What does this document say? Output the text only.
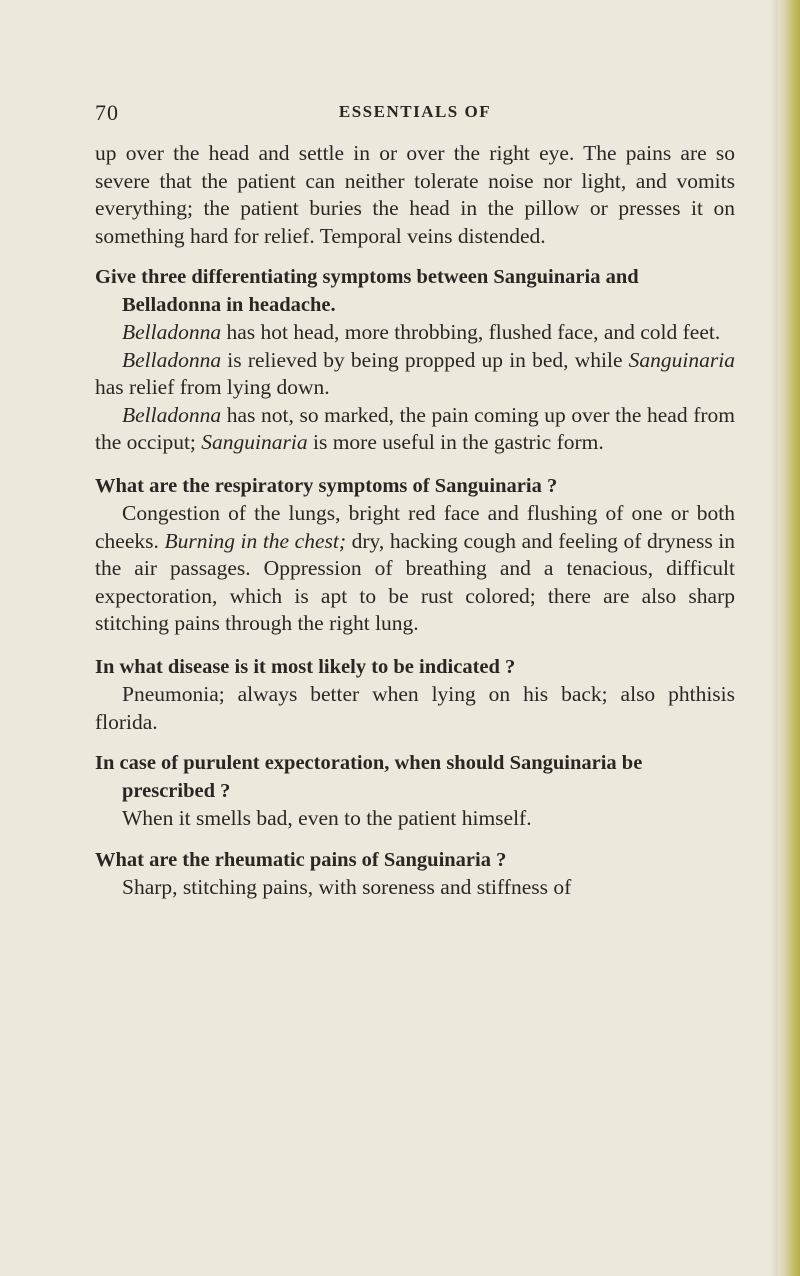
70	ESSENTIALS OF

up over the head and settle in or over the right eye. The pains are so severe that the patient can neither tolerate noise nor light, and vomits everything; the patient buries the head in the pillow or presses it on something hard for relief. Temporal veins distended.

Give three differentiating symptoms between Sanguinaria and Belladonna in headache.

Belladonna has hot head, more throbbing, flushed face, and cold feet.

Belladonna is relieved by being propped up in bed, while Sanguinaria has relief from lying down.

Belladonna has not, so marked, the pain coming up over the head from the occiput; Sanguinaria is more useful in the gastric form.

What are the respiratory symptoms of Sanguinaria ?

Congestion of the lungs, bright red face and flushing of one or both cheeks. Burning in the chest; dry, hacking cough and feeling of dryness in the air passages. Oppression of breathing and a tenacious, difficult expectoration, which is apt to be rust colored; there are also sharp stitching pains through the right lung.

In what disease is it most likely to be indicated ?

Pneumonia; always better when lying on his back; also phthisis florida.

In case of purulent expectoration, when should Sanguinaria be prescribed ?

When it smells bad, even to the patient himself.

What are the rheumatic pains of Sanguinaria ?

Sharp, stitching pains, with soreness and stiffness of
